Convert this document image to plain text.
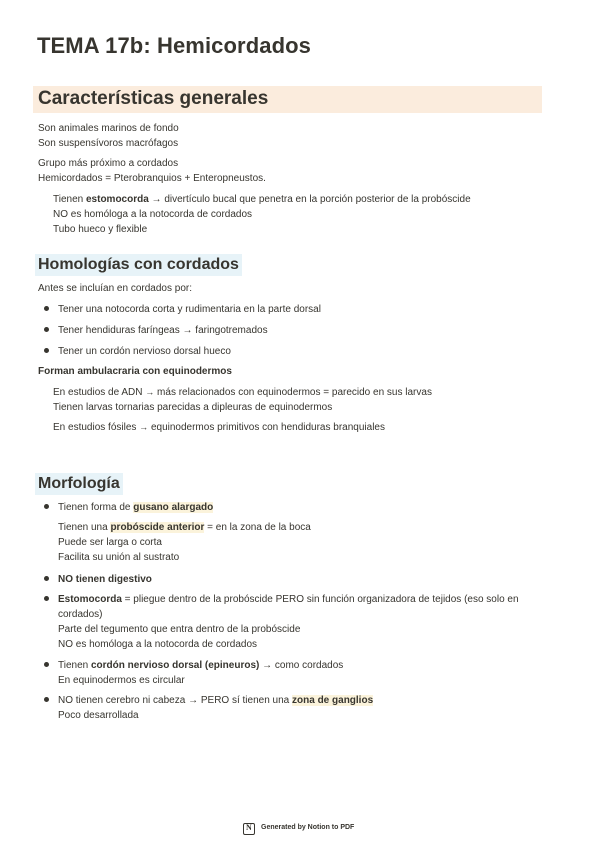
TEMA 17b: Hemicordados
Características generales
Son animales marinos de fondo
Son suspensívoros macrófagos
Grupo más próximo a cordados
Hemicordados = Pterobranquios + Enteropneustos.
Tienen estomocorda → divertículo bucal que penetra en la porción posterior de la probóscide
NO es homóloga a la notocorda de cordados
Tubo hueco y flexible
Homologías con cordados
Antes se incluían en cordados por:
Tener una notocorda corta y rudimentaria en la parte dorsal
Tener hendiduras faríngeas → faringotremados
Tener un cordón nervioso dorsal hueco
Forman ambulacraria con equinodermos
En estudios de ADN → más relacionados con equinodermos = parecido en sus larvas
Tienen larvas tornarias parecidas a dipleuras de equinodermos
En estudios fósiles → equinodermos primitivos con hendiduras branquiales
Morfología
Tienen forma de gusano alargado
Tienen una probóscide anterior = en la zona de la boca
Puede ser larga o corta
Facilita su unión al sustrato
NO tienen digestivo
Estomocorda = pliegue dentro de la probóscide PERO sin función organizadora de tejidos (eso solo en
cordados)
Parte del tegumento que entra dentro de la probóscide
NO es homóloga a la notocorda de cordados
Tienen cordón nervioso dorsal (epineuros) → como cordados
En equinodermos es circular
NO tienen cerebro ni cabeza → PERO sí tienen una zona de ganglios
Poco desarrollada
N
Generated by Notion to PDF
